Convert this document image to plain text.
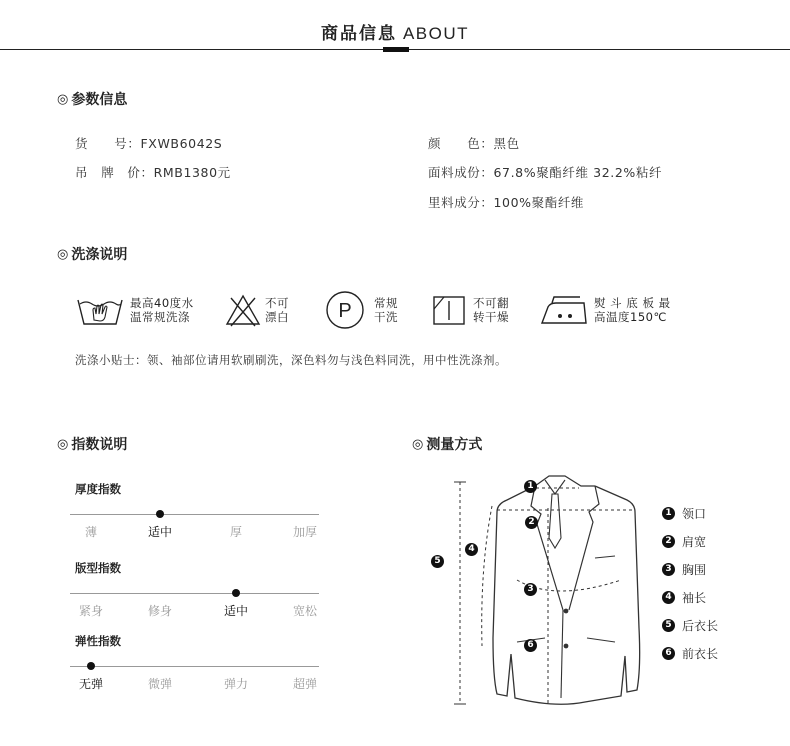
商品信息 ABOUT
◎ 参数信息
货　　号：FXWB6042S
吊　牌　价：RMB1380元
颜　　色：黑色
面料成份：67.8%聚酯纤维 32.2%粘纤
里料成分：100%聚酯纤维
◎ 洗涤说明
最高40度水
温常规洗涤
不可
漂白 P 常规
干洗
不可翻
转干燥
熨 斗 底 板 最
高温度150℃
洗涤小贴士：领、袖部位请用软刷刷洗，深色料勿与浅色料同洗，用中性洗涤剂。
◎ 指数说明
厚度指数
薄	适中	厚	加厚
版型指数
紧身	修身	适中	宽松
弹性指数
无弹	微弹	弹力	超弹
◎ 测量方式
1
2
3
4
5
6
1 领口
2 肩宽
3 胸围
4 袖长
5 后衣长
6 前衣长
